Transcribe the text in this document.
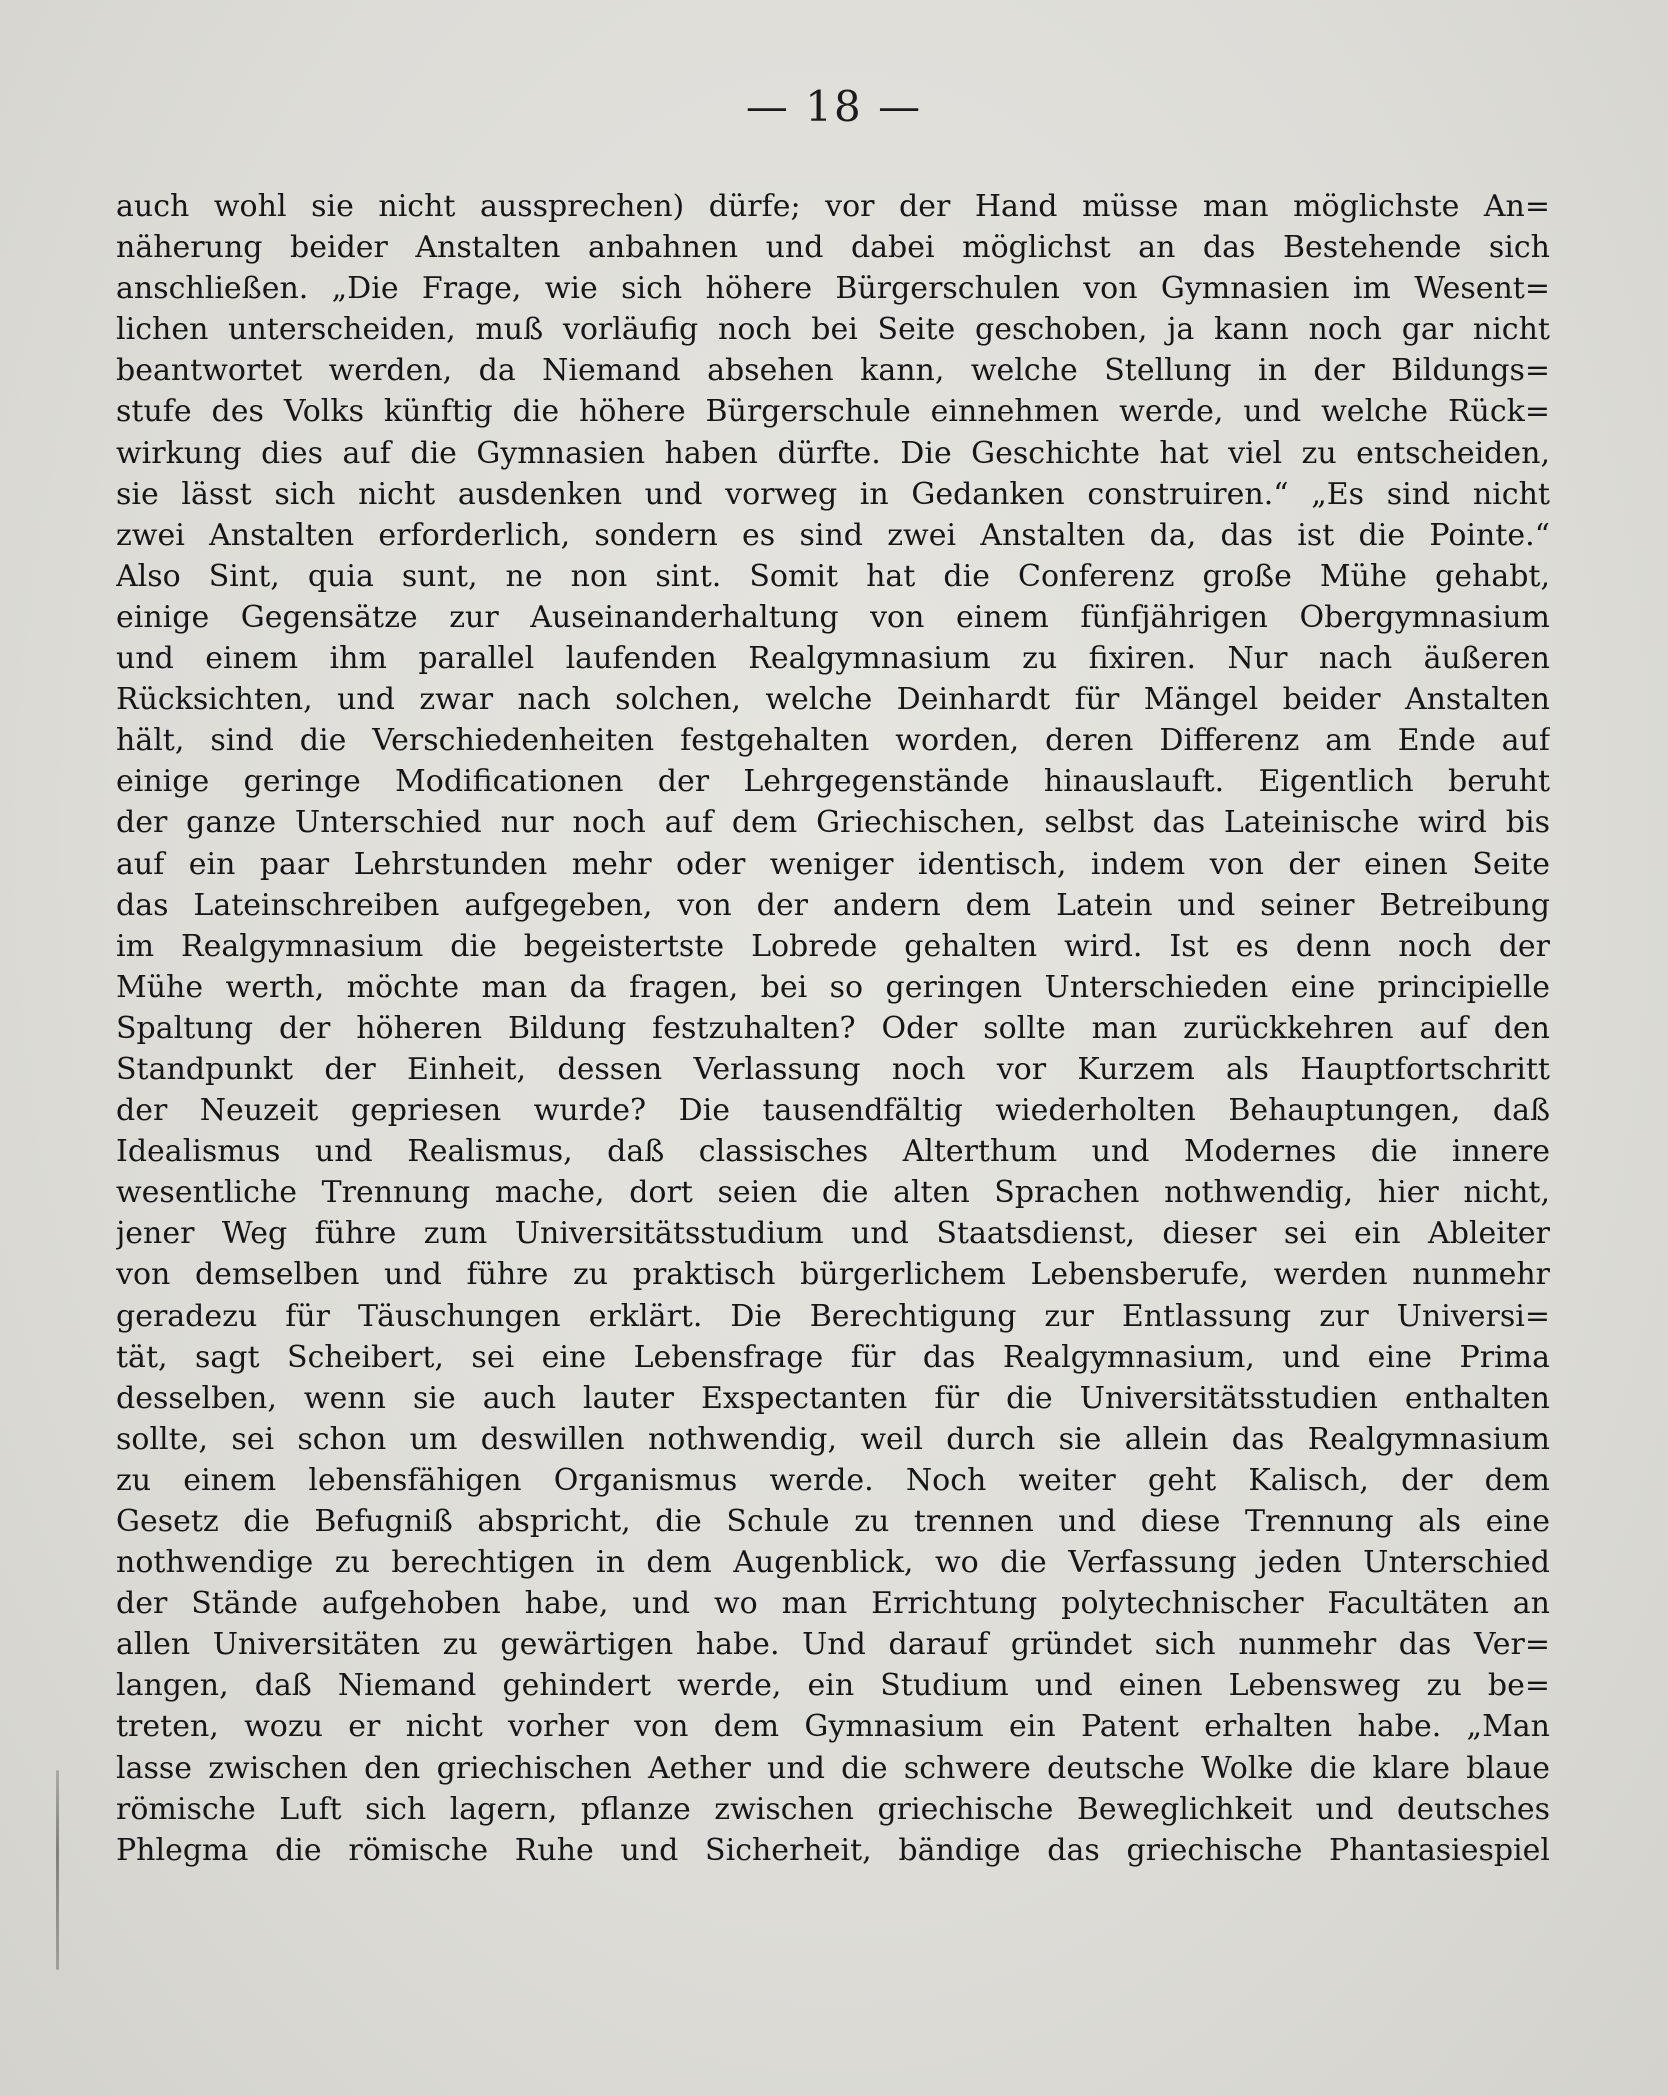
— 18 —
auch wohl sie nicht aussprechen) dürfe; vor der Hand müsse man möglichste An=
näherung beider Anstalten anbahnen und dabei möglichst an das Bestehende sich
anschließen. „Die Frage, wie sich höhere Bürgerschulen von Gymnasien im Wesent=
lichen unterscheiden, muß vorläufig noch bei Seite geschoben, ja kann noch gar nicht
beantwortet werden, da Niemand absehen kann, welche Stellung in der Bildungs=
stufe des Volks künftig die höhere Bürgerschule einnehmen werde, und welche Rück=
wirkung dies auf die Gymnasien haben dürfte. Die Geschichte hat viel zu entscheiden,
sie lässt sich nicht ausdenken und vorweg in Gedanken construiren.“ „Es sind nicht
zwei Anstalten erforderlich, sondern es sind zwei Anstalten da, das ist die Pointe.“
Also Sint, quia sunt, ne non sint. Somit hat die Conferenz große Mühe gehabt,
einige Gegensätze zur Auseinanderhaltung von einem fünfjährigen Obergymnasium
und einem ihm parallel laufenden Realgymnasium zu fixiren. Nur nach äußeren
Rücksichten, und zwar nach solchen, welche Deinhardt für Mängel beider Anstalten
hält, sind die Verschiedenheiten festgehalten worden, deren Differenz am Ende auf
einige geringe Modificationen der Lehrgegenstände hinauslauft. Eigentlich beruht
der ganze Unterschied nur noch auf dem Griechischen, selbst das Lateinische wird bis
auf ein paar Lehrstunden mehr oder weniger identisch, indem von der einen Seite
das Lateinschreiben aufgegeben, von der andern dem Latein und seiner Betreibung
im Realgymnasium die begeistertste Lobrede gehalten wird. Ist es denn noch der
Mühe werth, möchte man da fragen, bei so geringen Unterschieden eine principielle
Spaltung der höheren Bildung festzuhalten? Oder sollte man zurückkehren auf den
Standpunkt der Einheit, dessen Verlassung noch vor Kurzem als Hauptfortschritt
der Neuzeit gepriesen wurde? Die tausendfältig wiederholten Behauptungen, daß
Idealismus und Realismus, daß classisches Alterthum und Modernes die innere
wesentliche Trennung mache, dort seien die alten Sprachen nothwendig, hier nicht,
jener Weg führe zum Universitätsstudium und Staatsdienst, dieser sei ein Ableiter
von demselben und führe zu praktisch bürgerlichem Lebensberufe, werden nunmehr
geradezu für Täuschungen erklärt. Die Berechtigung zur Entlassung zur Universi=
tät, sagt Scheibert, sei eine Lebensfrage für das Realgymnasium, und eine Prima
desselben, wenn sie auch lauter Exspectanten für die Universitätsstudien enthalten
sollte, sei schon um deswillen nothwendig, weil durch sie allein das Realgymnasium
zu einem lebensfähigen Organismus werde. Noch weiter geht Kalisch, der dem
Gesetz die Befugniß abspricht, die Schule zu trennen und diese Trennung als eine
nothwendige zu berechtigen in dem Augenblick, wo die Verfassung jeden Unterschied
der Stände aufgehoben habe, und wo man Errichtung polytechnischer Facultäten an
allen Universitäten zu gewärtigen habe. Und darauf gründet sich nunmehr das Ver=
langen, daß Niemand gehindert werde, ein Studium und einen Lebensweg zu be=
treten, wozu er nicht vorher von dem Gymnasium ein Patent erhalten habe. „Man
lasse zwischen den griechischen Aether und die schwere deutsche Wolke die klare blaue
römische Luft sich lagern, pflanze zwischen griechische Beweglichkeit und deutsches
Phlegma die römische Ruhe und Sicherheit, bändige das griechische Phantasiespiel
